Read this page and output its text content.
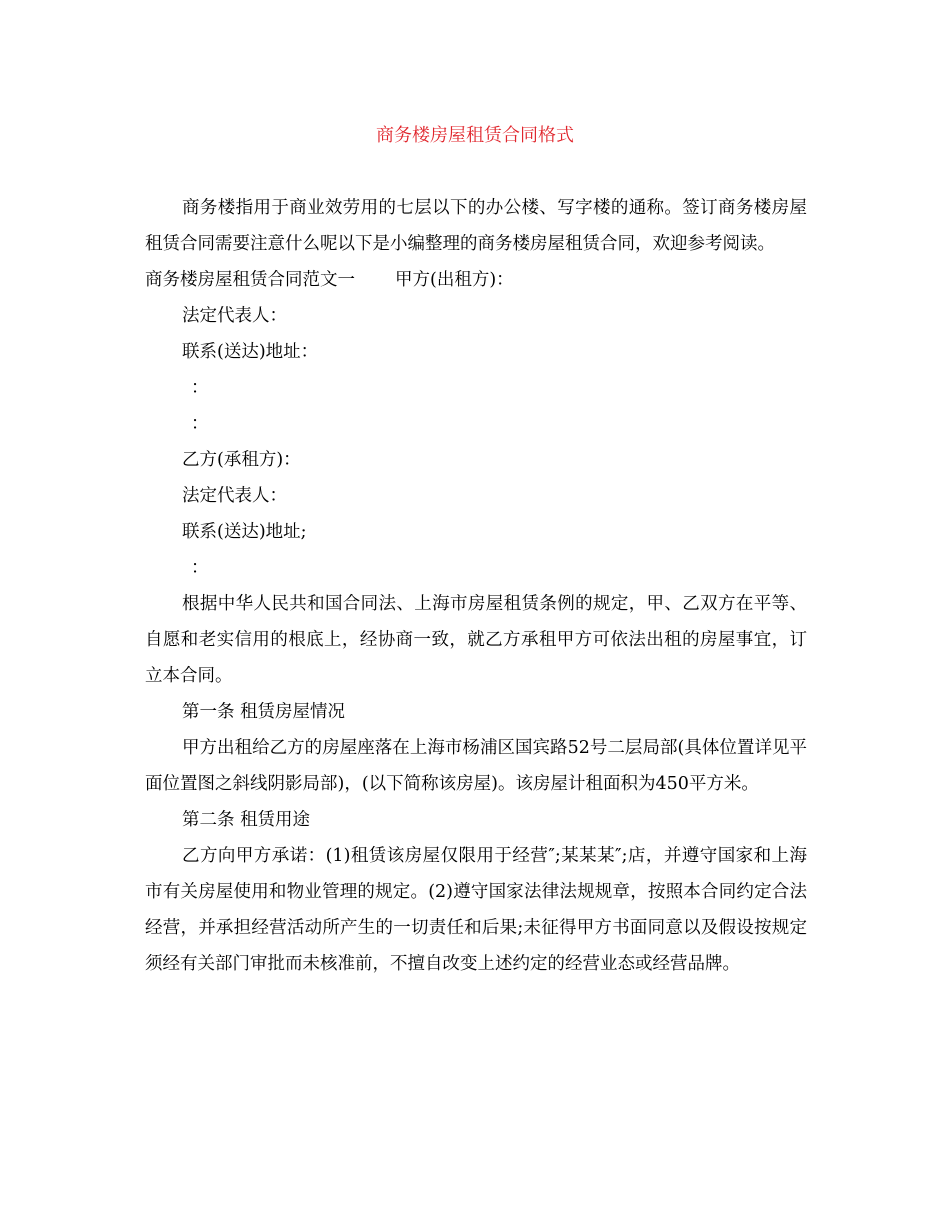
商务楼房屋租赁合同格式

商务楼指用于商业效劳用的七层以下的办公楼、写字楼的通称。签订商务楼房屋租赁合同需要注意什么呢以下是小编整理的商务楼房屋租赁合同，欢迎参考阅读。

商务楼房屋租赁合同范文一 甲方(出租方)：

法定代表人：

联系(送达)地址：

：

：

乙方(承租方)：

法定代表人：

联系(送达)地址;

：

根据中华人民共和国合同法、上海市房屋租赁条例的规定，甲、乙双方在平等、自愿和老实信用的根底上，经协商一致，就乙方承租甲方可依法出租的房屋事宜，订立本合同。

第一条 租赁房屋情况

甲方出租给乙方的房屋座落在上海市杨浦区国宾路52号二层局部(具体位置详见平面位置图之斜线阴影局部)，(以下简称该房屋)。该房屋计租面积为450平方米。

第二条 租赁用途

乙方向甲方承诺：(1)租赁该房屋仅限用于经营″;某某某″;店，并遵守国家和上海市有关房屋使用和物业管理的规定。(2)遵守国家法律法规规章，按照本合同约定合法经营，并承担经营活动所产生的一切责任和后果;未征得甲方书面同意以及假设按规定须经有关部门审批而未核准前，不擅自改变上述约定的经营业态或经营品牌。
